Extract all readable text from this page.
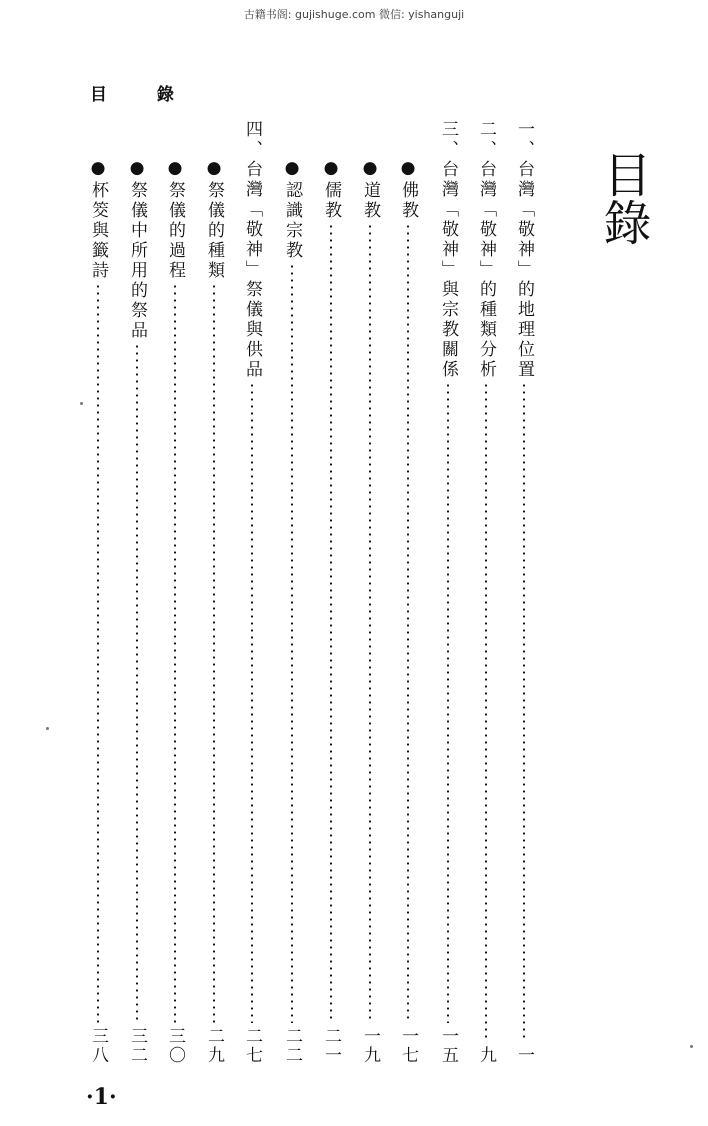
古籍书阁: gujishuge.com 微信: yishanguji
目 錄
目錄
一、台灣「敬神」的地理位置
一
二、台灣「敬神」的種類分析
九
三、台灣「敬神」與宗教關係
一五
●佛教
一七
●道教
一九
●儒教
二一
●認識宗教
二二
四、台灣「敬神」祭儀與供品
二七
●祭儀的種類
二九
●祭儀的過程
三〇
●祭儀中所用的祭品
三二
●杯筊與籤詩
三八
·1·
